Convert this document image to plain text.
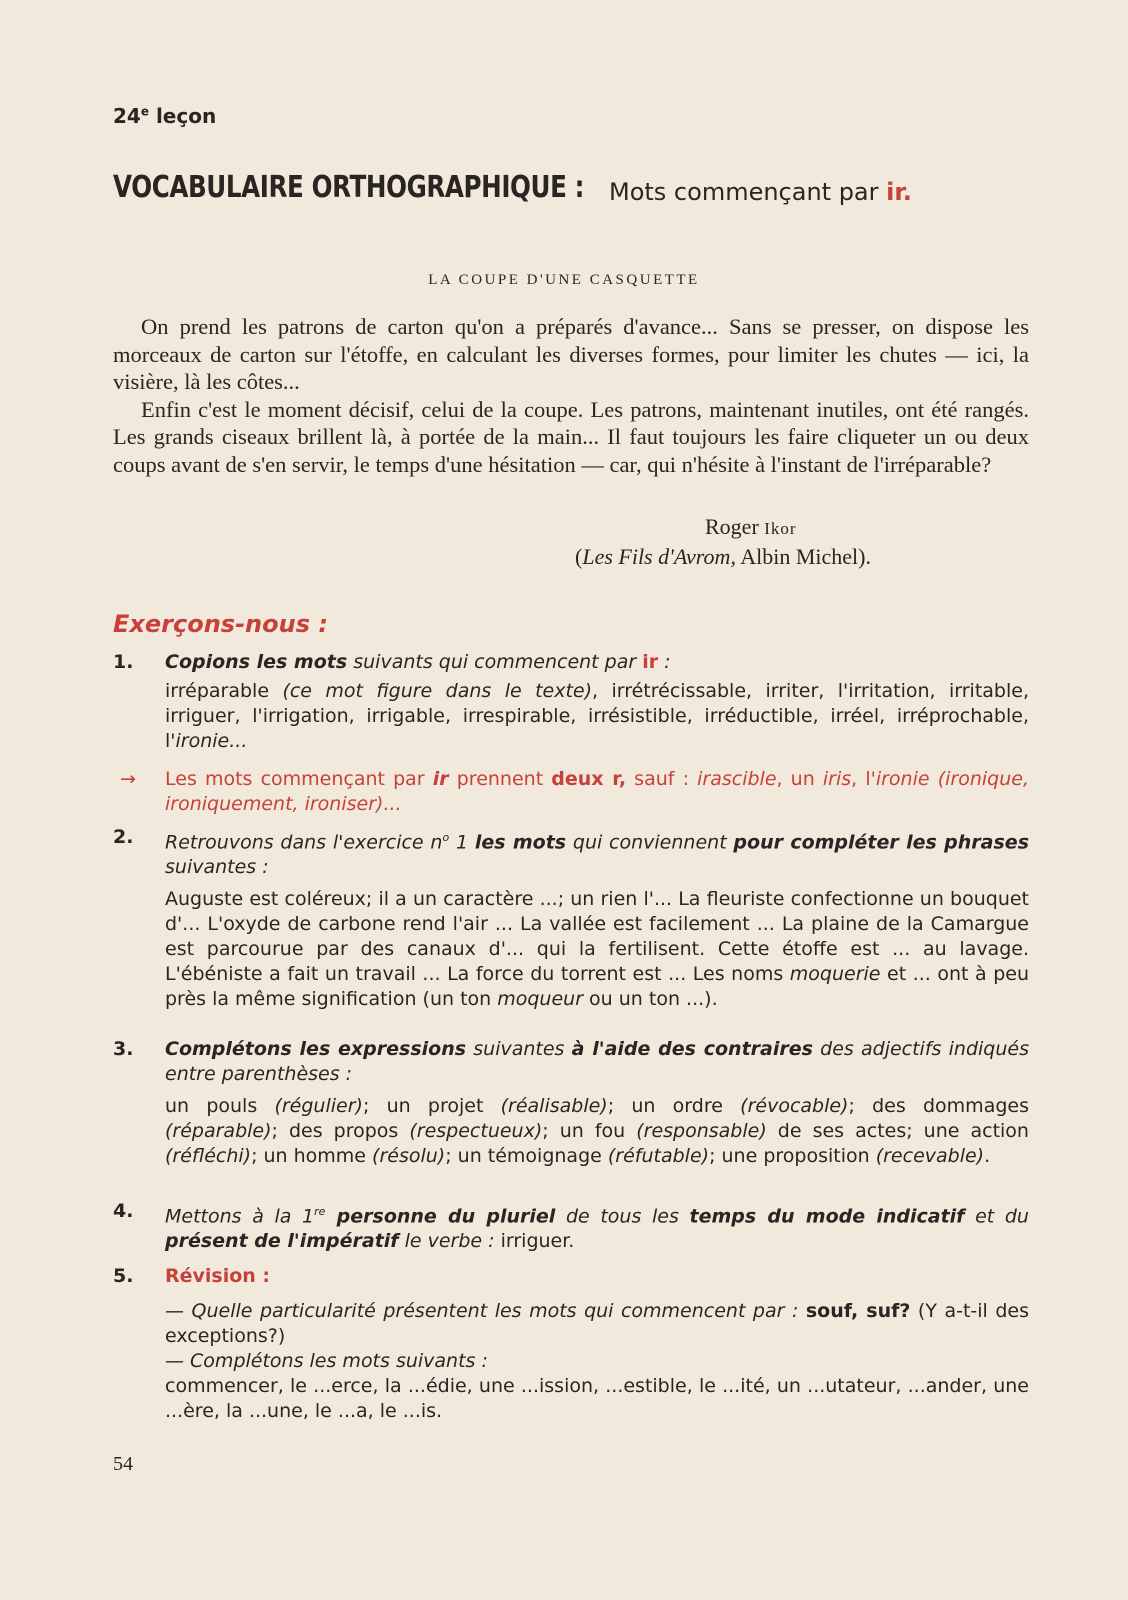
24e leçon
VOCABULAIRE ORTHOGRAPHIQUE : Mots commençant par ir.
LA COUPE D'UNE CASQUETTE

On prend les patrons de carton qu'on a préparés d'avance... Sans se presser, on dispose les morceaux de carton sur l'étoffe, en calculant les diverses formes, pour limiter les chutes — ici, la visière, là les côtes...

Enfin c'est le moment décisif, celui de la coupe. Les patrons, maintenant inutiles, ont été rangés. Les grands ciseaux brillent là, à portée de la main... Il faut toujours les faire cliqueter un ou deux coups avant de s'en servir, le temps d'une hésitation — car, qui n'hésite à l'instant de l'irréparable?

Roger Ikor
(Les Fils d'Avrom, Albin Michel).
Exerçons-nous :
1.	Copions les mots suivants qui commencent par ir :

irréparable (ce mot figure dans le texte), irrétrécissable, irriter, l'irritation, irritable, irriguer, l'irrigation, irrigable, irrespirable, irrésistible, irréductible, irréel, irréprochable, l'ironie...

→ Les mots commençant par ir prennent deux r, sauf : irascible, un iris, l'ironie (ironique, ironiquement, ironiser)...
2.	Retrouvons dans l'exercice $n^o$ 1 les mots qui conviennent pour compléter les phrases suivantes :

Auguste est coléreux; il a un caractère ...; un rien l'... La fleuriste confectionne un bouquet d'... L'oxyde de carbone rend l'air ... La vallée est facilement ... La plaine de la Camargue est parcourue par des canaux d'... qui la fertilisent. Cette étoffe est ... au lavage. L'ébéniste a fait un travail ... La force du torrent est ... Les noms moquerie et ... ont à peu près la même signification (un ton moqueur ou un ton ...).

3.	Complétons les expressions suivantes à l'aide des contraires des adjectifs indiqués entre parenthèses :

un pouls (régulier); un projet (réalisable); un ordre (révocable); des dommages (réparable); des propos (respectueux); un fou (responsable) de ses actes; une action (réfléchi); un homme (résolu); un témoignage (réfutable); une proposition (recevable).

4.	Mettons à la 1re personne du pluriel de tous les temps du mode indicatif et du présent de l'impératif le verbe : irriguer.

5.	Révision :

— Quelle particularité présentent les mots qui commencent par : souf, suf? (Y a-t-il des exceptions?)

— Complétons les mots suivants :

commencer, le ...erce, la ...édie, une ...ission, ...estible, le ...ité, un ...utateur, ...ander, une ...ère, la ...une, le ...a, le ...is.

54
